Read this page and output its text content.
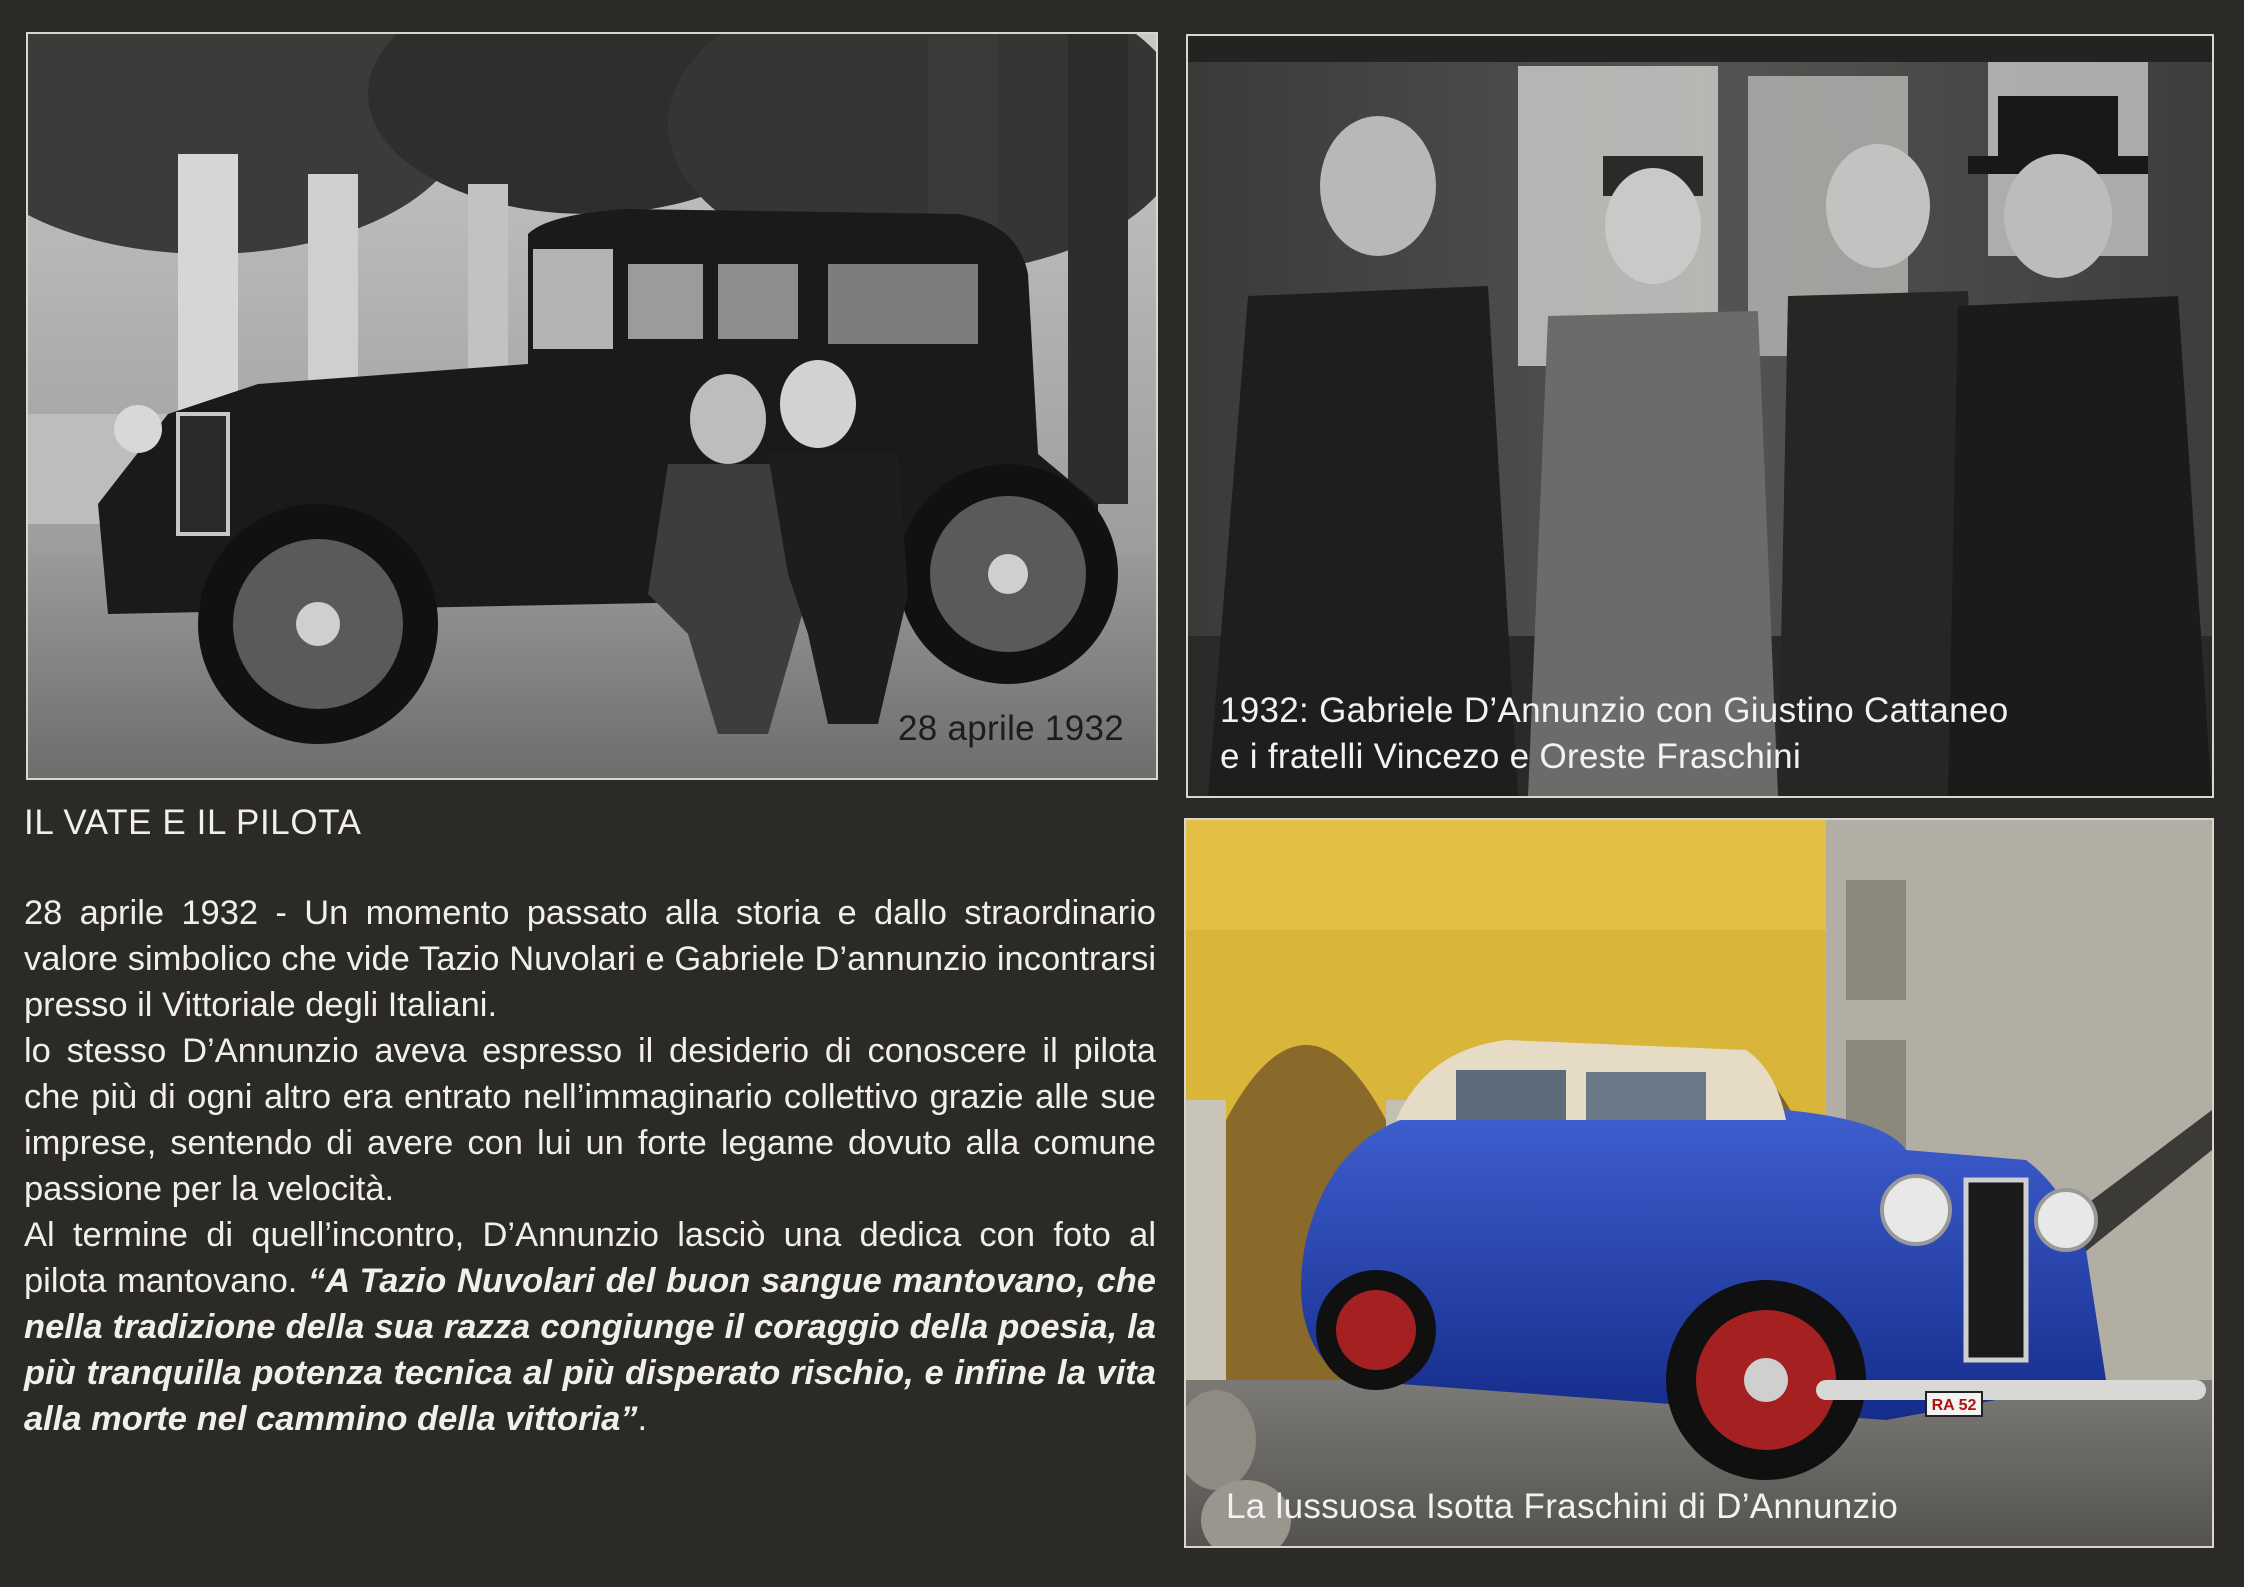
28 aprile 1932	1932: Gabriele D’Annunzio con Giustino Cattaneo
e i fratelli Vincezo e Oreste Fraschini
RA 52
La lussuosa Isotta Fraschini di D’Annunzio
IL VATE E IL PILOTA

28 aprile 1932 - Un momento passato alla storia e dallo straordinario valore simbolico che vide Tazio Nuvolari e Gabriele D’annunzio incontrarsi presso il Vittoriale degli Italiani.

lo stesso D’Annunzio aveva espresso il desiderio di conoscere il pilota che più di ogni altro era entrato nell’immaginario collettivo grazie alle sue imprese, sentendo di avere con lui un forte legame dovuto alla comune passione per la velocità.

Al termine di quell’incontro, D’Annunzio lasciò una dedica con foto al pilota mantovano. “A Tazio Nuvolari del buon sangue mantovano, che nella tradizione della sua razza congiunge il coraggio della poesia, la più tranquilla potenza tecnica al più disperato rischio, e infine la vita alla morte nel cammino della vittoria”.
